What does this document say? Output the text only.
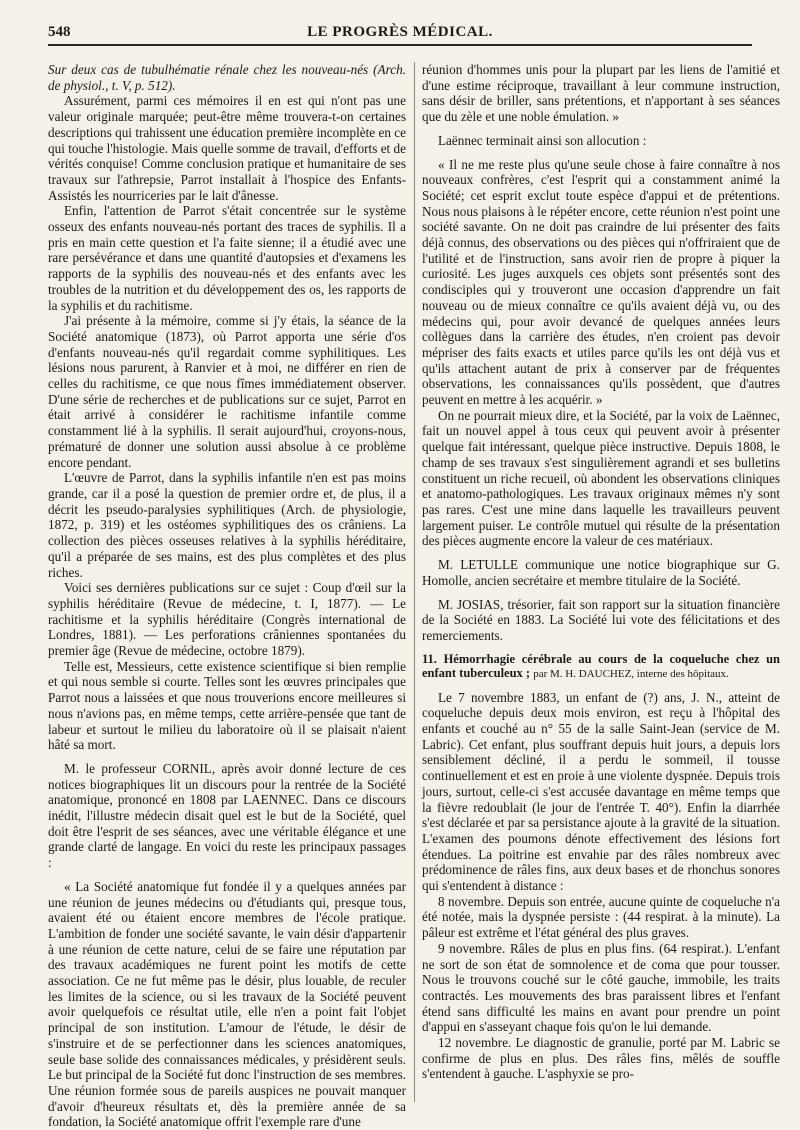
548	LE PROGRÈS MÉDICAL.

Sur deux cas de tubulhématie rénale chez les nouveau-nés (Arch. de physiol., t. V, p. 512).

Assurément, parmi ces mémoires il en est qui n'ont pas une valeur originale marquée; peut-être même trouvera-t-on certaines descriptions qui trahissent une éducation première incomplète en ce qui touche l'histologie. Mais quelle somme de travail, d'efforts et de vérités conquise! Comme conclusion pratique et humanitaire de ses travaux sur l'athrepsie, Parrot installait à l'hospice des Enfants-Assistés les nourriceries par le lait d'ânesse.

Enfin, l'attention de Parrot s'était concentrée sur le système osseux des enfants nouveau-nés portant des traces de syphilis. Il a pris en main cette question et l'a faite sienne; il a étudié avec une rare persévérance et dans une quantité d'autopsies et d'examens les rapports de la syphilis des nouveau-nés et des enfants avec les troubles de la nutrition et du développement des os, les rapports de la syphilis et du rachitisme.

J'ai présente à la mémoire, comme si j'y étais, la séance de la Société anatomique (1873), où Parrot apporta une série d'os d'enfants nouveau-nés qu'il regardait comme syphilitiques. Les lésions nous parurent, à Ranvier et à moi, ne différer en rien de celles du rachitisme, ce que nous fîmes immédiatement observer. D'une série de recherches et de publications sur ce sujet, Parrot en était arrivé à considérer le rachitisme infantile comme constamment lié à la syphilis. Il serait aujourd'hui, croyons-nous, prématuré de donner une solution aussi absolue à ce problème encore pendant.

L'œuvre de Parrot, dans la syphilis infantile n'en est pas moins grande, car il a posé la question de premier ordre et, de plus, il a décrit les pseudo-paralysies syphilitiques (Arch. de physiologie, 1872, p. 319) et les ostéomes syphilitiques des os crâniens. La collection des pièces osseuses relatives à la syphilis héréditaire, qu'il a préparée de ses mains, est des plus complètes et des plus riches.

Voici ses dernières publications sur ce sujet : Coup d'œil sur la syphilis héréditaire (Revue de médecine, t. I, 1877). — Le rachitisme et la syphilis héréditaire (Congrès international de Londres, 1881). — Les perforations crâniennes spontanées du premier âge (Revue de médecine, octobre 1879).

Telle est, Messieurs, cette existence scientifique si bien remplie et qui nous semble si courte. Telles sont les œuvres principales que Parrot nous a laissées et que nous trouverions encore meilleures si nous n'avions pas, en même temps, cette arrière-pensée que tant de labeur et surtout le milieu du laboratoire où il se plaisait n'aient hâté sa mort.

M. le professeur CORNIL, après avoir donné lecture de ces notices biographiques lit un discours pour la rentrée de la Société anatomique, prononcé en 1808 par LAENNEC. Dans ce discours inédit, l'illustre médecin disait quel est le but de la Société, quel doit être l'esprit de ses séances, avec une véritable élégance et une grande clarté de langage. En voici du reste les principaux passages :

« La Société anatomique fut fondée il y a quelques années par une réunion de jeunes médecins ou d'étudiants qui, presque tous, avaient été ou étaient encore membres de l'école pratique. L'ambition de fonder une société savante, le vain désir d'appartenir à une réunion de cette nature, celui de se faire une réputation par des travaux académiques ne furent point les motifs de cette association. Ce ne fut même pas le désir, plus louable, de reculer les limites de la science, ou si les travaux de la Société peuvent avoir quelquefois ce résultat utile, elle n'en a point fait l'objet principal de son institution. L'amour de l'étude, le désir de s'instruire et de se perfectionner dans les sciences anatomiques, seule base solide des connaissances médicales, y présidèrent seuls. Le but principal de la Société fut donc l'instruction de ses membres. Une réunion formée sous de pareils auspices ne pouvait manquer d'avoir d'heureux résultats et, dès la première année de sa fondation, la Société anatomique offrit l'exemple rare d'une

réunion d'hommes unis pour la plupart par les liens de l'amitié et d'une estime réciproque, travaillant à leur commune instruction, sans désir de briller, sans prétentions, et n'apportant à ses séances que du zèle et une noble émulation. »

Laënnec terminait ainsi son allocution :

« Il ne me reste plus qu'une seule chose à faire connaître à nos nouveaux confrères, c'est l'esprit qui a constamment animé la Société; cet esprit exclut toute espèce d'appui et de prétentions. Nous nous plaisons à le répéter encore, cette réunion n'est point une société savante. On ne doit pas craindre de lui présenter des faits déjà connus, des observations ou des pièces qui n'offriraient que de l'utilité et de l'instruction, sans avoir rien de propre à piquer la curiosité. Les juges auxquels ces objets sont présentés sont des condisciples qui y trouveront une occasion d'apprendre un fait nouveau ou de mieux connaître ce qu'ils avaient déjà vu, ou des médecins qui, pour avoir devancé de quelques années leurs collègues dans la carrière des études, n'en croient pas devoir mépriser des faits exacts et utiles parce qu'ils les ont déjà vus et qu'ils attachent autant de prix à conserver par de fréquentes observations, les connaissances qu'ils possèdent, que d'autres peuvent en mettre à les acquérir. »

On ne pourrait mieux dire, et la Société, par la voix de Laënnec, fait un nouvel appel à tous ceux qui peuvent avoir à présenter quelque fait intéressant, quelque pièce instructive. Depuis 1808, le champ de ses travaux s'est singulièrement agrandi et ses bulletins constituent un riche recueil, où abondent les observations cliniques et anatomo-pathologiques. Les travaux originaux mêmes n'y sont pas rares. C'est une mine dans laquelle les travailleurs peuvent largement puiser. Le contrôle mutuel qui résulte de la présentation des pièces augmente encore la valeur de ces matériaux.

M. LETULLE communique une notice biographique sur G. Homolle, ancien secrétaire et membre titulaire de la Société.

M. JOSIAS, trésorier, fait son rapport sur la situation financière de la Société en 1883. La Société lui vote des félicitations et des remerciements.

11. Hémorrhagie cérébrale au cours de la coqueluche chez un enfant tuberculeux ; par M. H. DAUCHEZ, interne des hôpitaux.

Le 7 novembre 1883, un enfant de (?) ans, J. N., atteint de coqueluche depuis deux mois environ, est reçu à l'hôpital des enfants et couché au n° 55 de la salle Saint-Jean (service de M. Labric). Cet enfant, plus souffrant depuis huit jours, a depuis lors sensiblement décliné, il a perdu le sommeil, il tousse continuellement et est en proie à une violente dyspnée. Depuis trois jours, surtout, celle-ci s'est accusée davantage en même temps que la fièvre redoublait (le jour de l'entrée T. 40°). Enfin la diarrhée s'est déclarée et par sa persistance ajoute à la gravité de la situation. L'examen des poumons dénote effectivement des lésions fort étendues. La poitrine est envahie par des râles nombreux avec prédominence de râles fins, aux deux bases et de rhonchus sonores qui s'entendent à distance :

8 novembre. Depuis son entrée, aucune quinte de coqueluche n'a été notée, mais la dyspnée persiste : (44 respirat. à la minute). La pâleur est extrême et l'état général des plus graves.

9 novembre. Râles de plus en plus fins. (64 respirat.). L'enfant ne sort de son état de somnolence et de coma que pour tousser. Nous le trouvons couché sur le côté gauche, immobile, les traits contractés. Les mouvements des bras paraissent libres et l'enfant étend sans difficulté les mains en avant pour prendre un point d'appui en s'asseyant chaque fois qu'on le lui demande.

12 novembre. Le diagnostic de granulie, porté par M. Labric se confirme de plus en plus. Des râles fins, mêlés de souffle s'entendent à gauche. L'asphyxie se pro-
